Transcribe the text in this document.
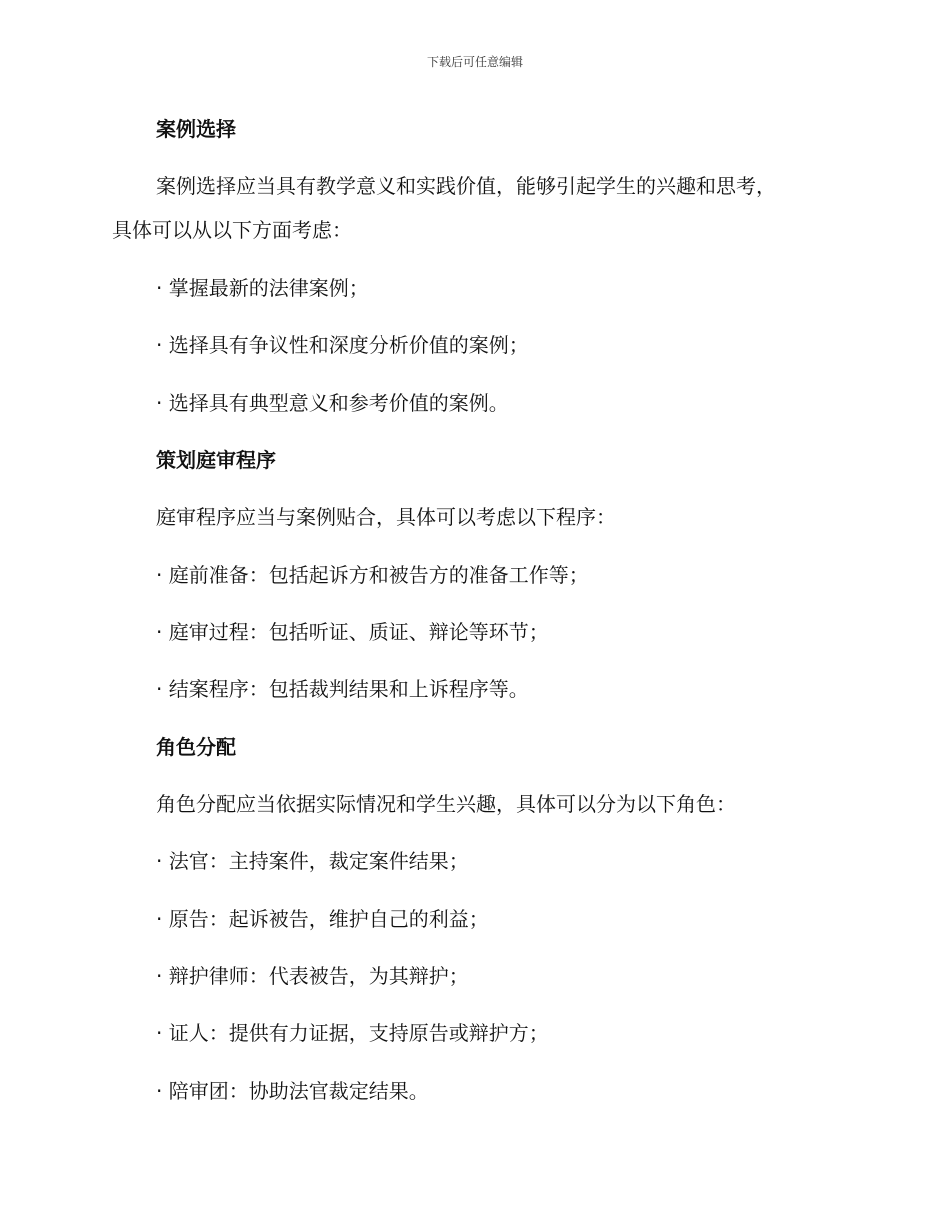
下载后可任意编辑
案例选择
案例选择应当具有教学意义和实践价值，能够引起学生的兴趣和思考，
具体可以从以下方面考虑：
· 掌握最新的法律案例；
· 选择具有争议性和深度分析价值的案例；
· 选择具有典型意义和参考价值的案例。
策划庭审程序
庭审程序应当与案例贴合，具体可以考虑以下程序：
· 庭前准备：包括起诉方和被告方的准备工作等；
· 庭审过程：包括听证、质证、辩论等环节；
· 结案程序：包括裁判结果和上诉程序等。
角色分配
角色分配应当依据实际情况和学生兴趣，具体可以分为以下角色：
· 法官：主持案件，裁定案件结果；
· 原告：起诉被告，维护自己的利益；
· 辩护律师：代表被告，为其辩护；
· 证人：提供有力证据，支持原告或辩护方；
· 陪审团：协助法官裁定结果。
